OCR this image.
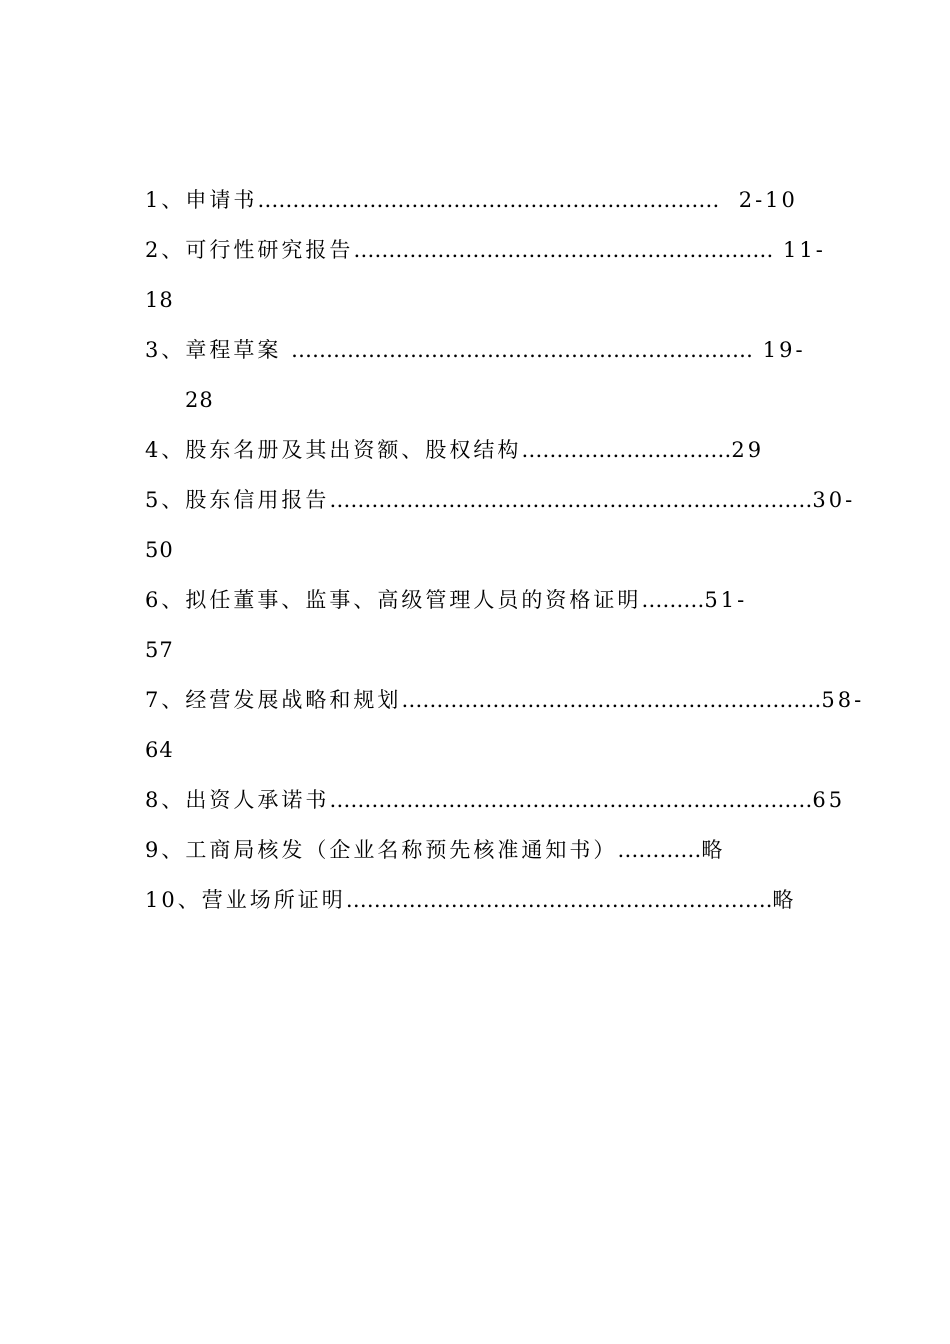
1、申请书…………………………………………………………  2-10
2、可行性研究报告…………………………………………………… 11-
18
3、章程草案 ………………………………………………………… 19-
28
4、股东名册及其出资额、股权结构…………………………29
5、股东信用报告……………………………………………………………30-
50
6、拟任董事、监事、高级管理人员的资格证明………51-
57
7、经营发展战略和规划……………………………………………………58-
64
8、出资人承诺书……………………………………………………………65
9、工商局核发（企业名称预先核准通知书）…………略
10、营业场所证明…………………………………………………….略
